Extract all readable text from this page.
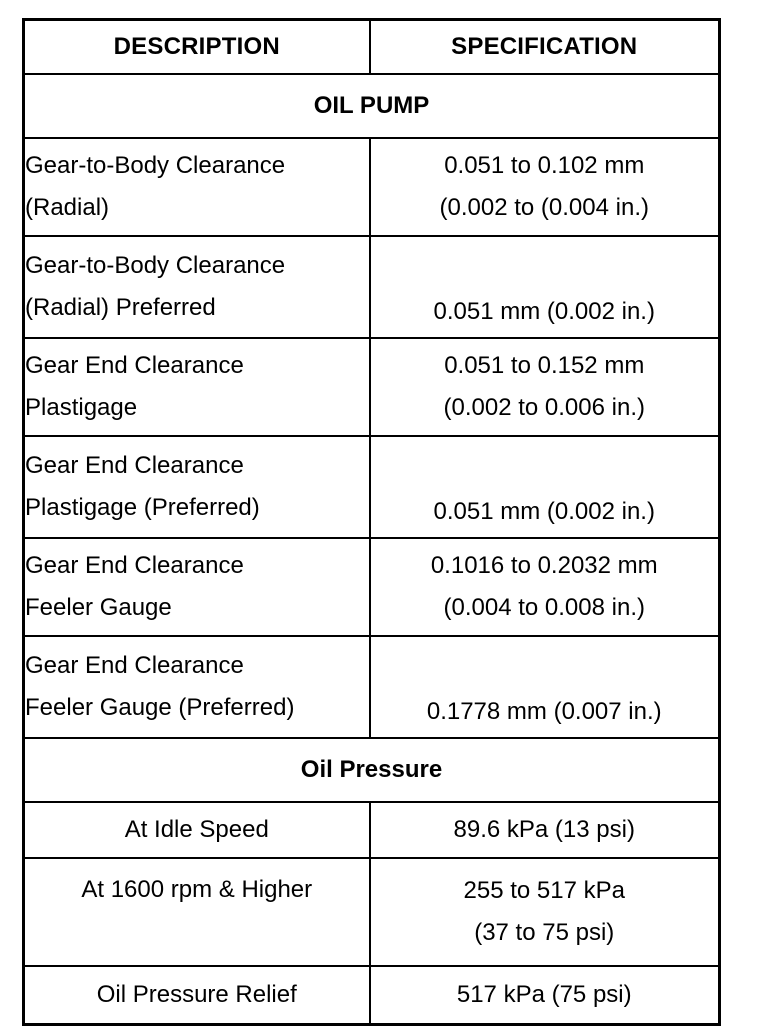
DESCRIPTION	SPECIFICATION
OIL PUMP	

Gear-to-Body Clearance
(Radial)	0.051 to 0.102 mm
(0.002 to (0.004 in.)

Gear-to-Body Clearance
(Radial) Preferred	0.051 mm (0.002 in.)

Gear End Clearance
Plastigage	0.051 to 0.152 mm
(0.002 to 0.006 in.)

Gear End Clearance
Plastigage (Preferred)	0.051 mm (0.002 in.)

Gear End Clearance
Feeler Gauge	0.1016 to 0.2032 mm
(0.004 to 0.008 in.)

Gear End Clearance
Feeler Gauge (Preferred)	0.1778 mm (0.007 in.)

Oil Pressure	
At Idle Speed	89.6 kPa (13 psi)
At 1600 rpm & Higher	255 to 517 kPa
(37 to 75 psi)

Oil Pressure Relief	517 kPa (75 psi)
